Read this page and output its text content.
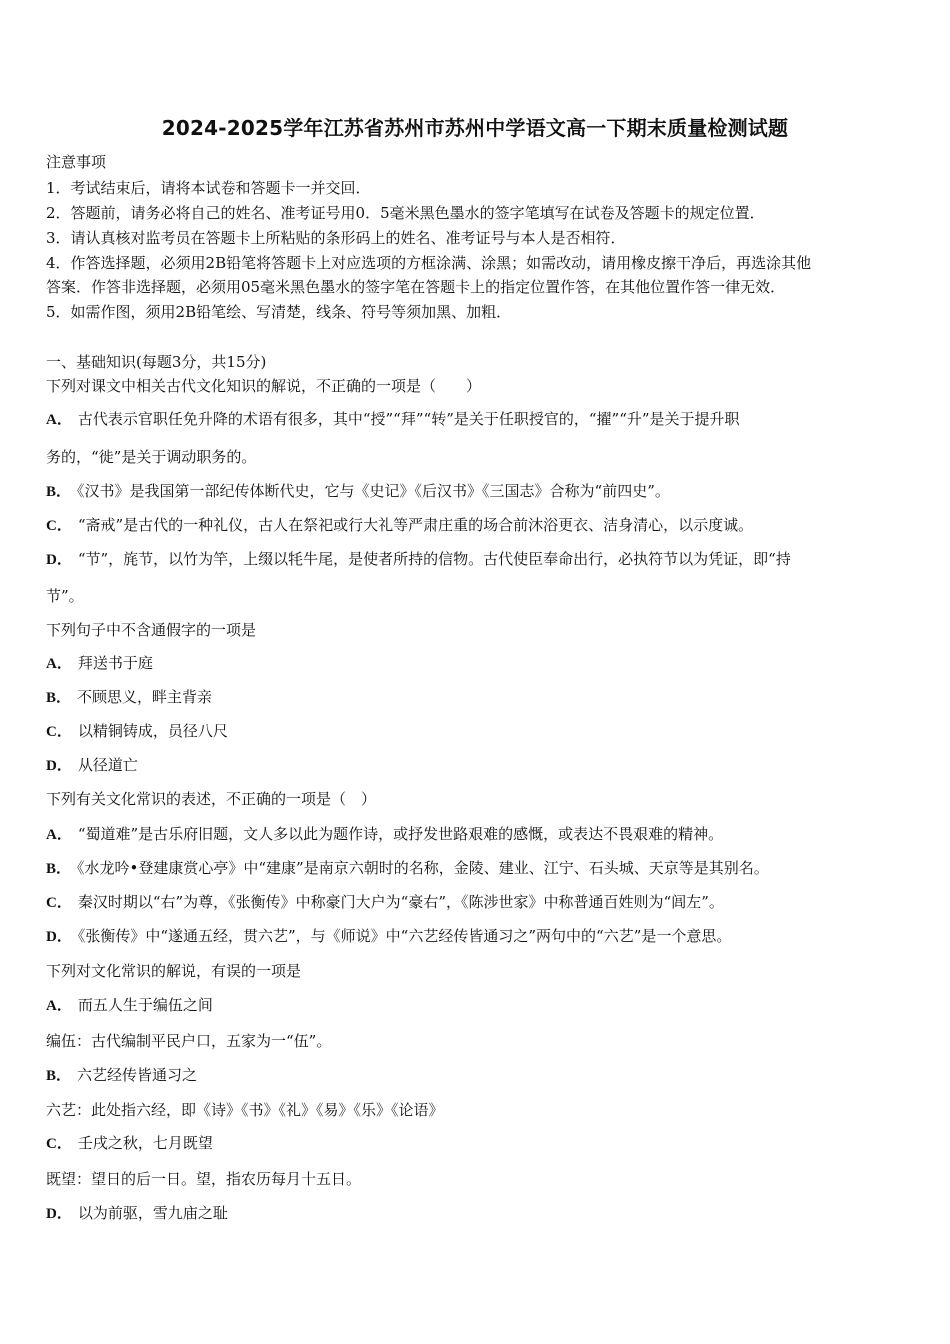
2024-2025学年江苏省苏州市苏州中学语文高一下期末质量检测试题
注意事项
1．考试结束后，请将本试卷和答题卡一并交回．
2．答题前，请务必将自己的姓名、准考证号用0．5毫米黑色墨水的签字笔填写在试卷及答题卡的规定位置．
3．请认真核对监考员在答题卡上所粘贴的条形码上的姓名、准考证号与本人是否相符．
4．作答选择题，必须用2B铅笔将答题卡上对应选项的方框涂满、涂黑；如需改动，请用橡皮擦干净后，再选涂其他
答案．作答非选择题，必须用05毫米黑色墨水的签字笔在答题卡上的指定位置作答，在其他位置作答一律无效．
5．如需作图，须用2B铅笔绘、写清楚，线条、符号等须加黑、加粗．
一、基础知识(每题3分，共15分)
下列对课文中相关古代文化知识的解说，不正确的一项是（　　）
A． 古代表示官职任免升降的术语有很多，其中“授”“拜”“转”是关于任职授官的，“擢”“升”是关于提升职
务的，“徙”是关于调动职务的。
B． 《汉书》是我国第一部纪传体断代史，它与《史记》《后汉书》《三国志》合称为“前四史”。
C． “斋戒”是古代的一种礼仪，古人在祭祀或行大礼等严肃庄重的场合前沐浴更衣、洁身清心，以示度诚。
D． “节”，旄节，以竹为竿，上缀以牦牛尾，是使者所持的信物。古代使臣奉命出行，必执符节以为凭证，即“持
节”。
下列句子中不含通假字的一项是
A． 拜送书于庭
B． 不顾思义，畔主背亲
C． 以精铜铸成，员径八尺
D． 从径道亡
下列有关文化常识的表述，不正确的一项是（　）
A． “蜀道难”是古乐府旧题，文人多以此为题作诗，或抒发世路艰难的感慨，或表达不畏艰难的精神。
B． 《水龙吟•登建康赏心亭》中“建康”是南京六朝时的名称，金陵、建业、江宁、石头城、天京等是其别名。
C． 秦汉时期以“右”为尊，《张衡传》中称豪门大户为“豪右”，《陈涉世家》中称普通百姓则为“闾左”。
D． 《张衡传》中“遂通五经，贯六艺”，与《师说》中“六艺经传皆通习之”两句中的“六艺”是一个意思。
下列对文化常识的解说，有误的一项是
A． 而五人生于编伍之间
编伍：古代编制平民户口，五家为一“伍”。
B． 六艺经传皆通习之
六艺：此处指六经，即《诗》《书》《礼》《易》《乐》《论语》
C． 壬戌之秋，七月既望
既望：望日的后一日。望，指农历每月十五日。
D． 以为前驱，雪九庙之耻
